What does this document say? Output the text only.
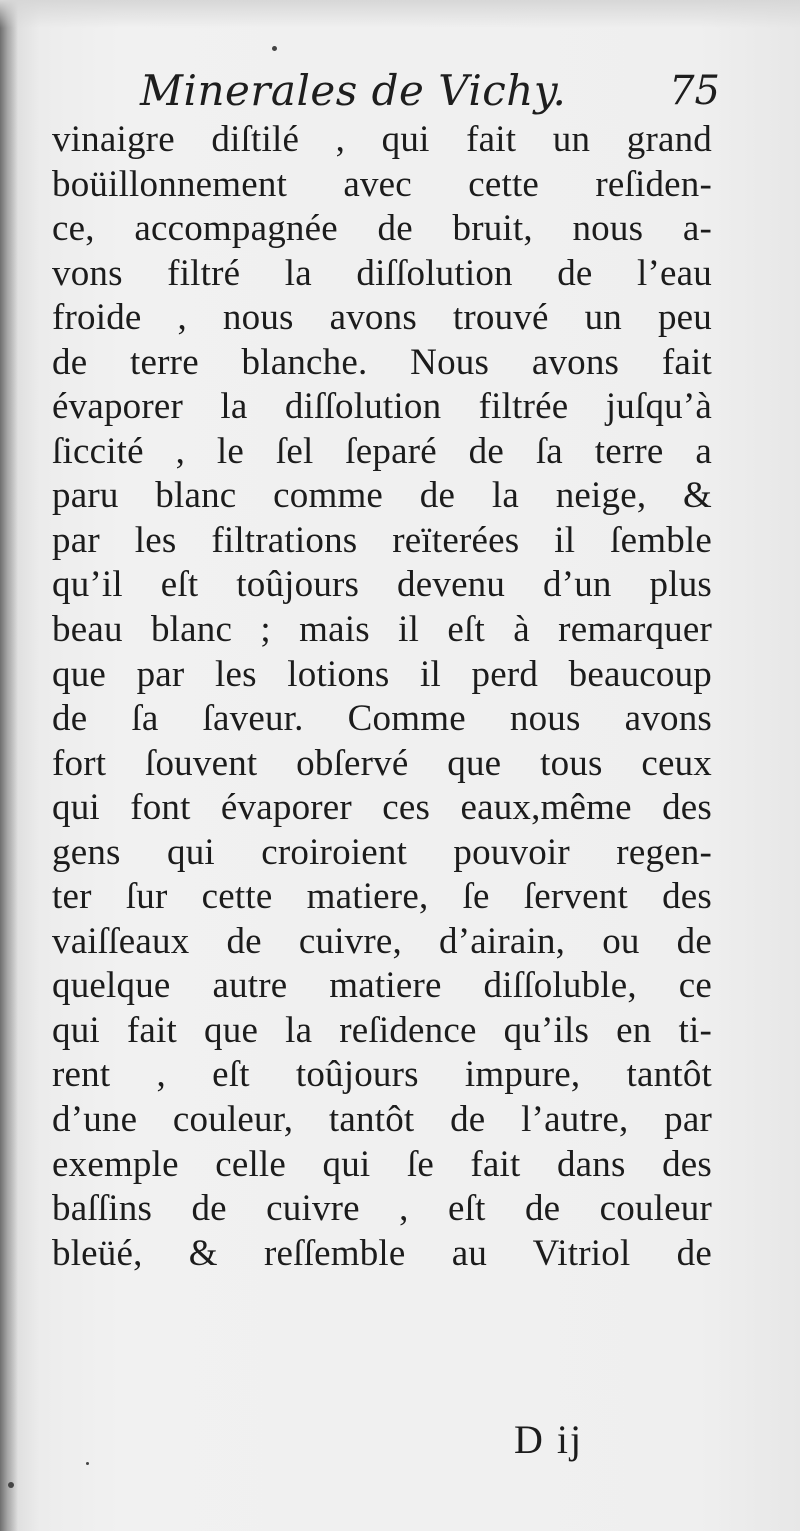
Minerales de Vichy.	75
vinaigre diſtilé , qui fait un grand
boüillonnement avec cette reſiden-
ce, accompagnée de bruit, nous a-
vons filtré la diſſolution de l’eau
froide , nous avons trouvé un peu
de terre blanche. Nous avons fait
évaporer la diſſolution filtrée juſqu’à
ſiccité , le ſel ſeparé de ſa terre a
paru blanc comme de la neige, &
par les filtrations reïterées il ſemble
qu’il eſt toûjours devenu d’un plus
beau blanc ; mais il eſt à remarquer
que par les lotions il perd beaucoup
de ſa ſaveur. Comme nous avons
fort ſouvent obſervé que tous ceux
qui font évaporer ces eaux,même des
gens qui croiroient pouvoir regen-
ter ſur cette matiere, ſe ſervent des
vaiſſeaux de cuivre, d’airain, ou de
quelque autre matiere diſſoluble, ce
qui fait que la reſidence qu’ils en ti-
rent , eſt toûjours impure, tantôt
d’une couleur, tantôt de l’autre, par
exemple celle qui ſe fait dans des
baſſins de cuivre , eſt de couleur
bleüé, & reſſemble au Vitriol de
D ij
